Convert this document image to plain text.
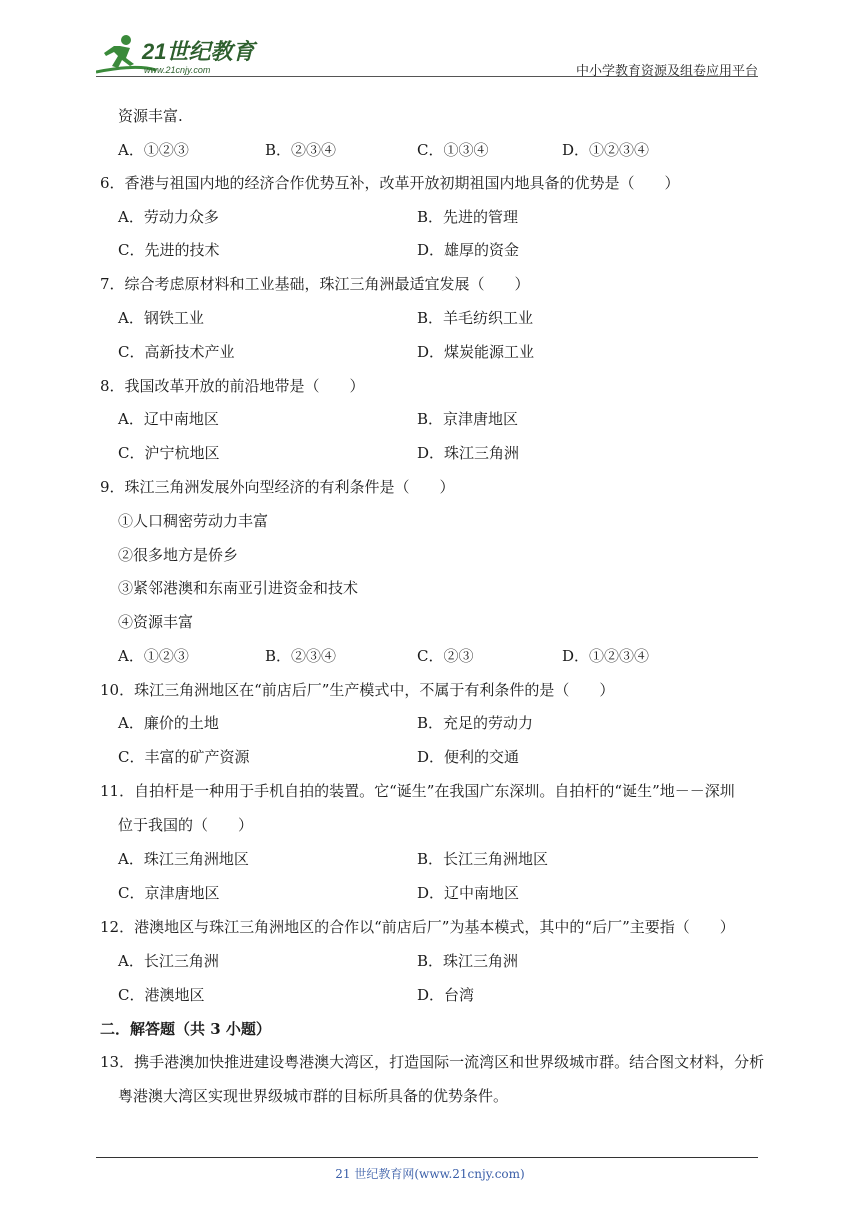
21世纪教育
www.21cnjy.com	中小学教育资源及组卷应用平台
资源丰富.
A．①②③	B．②③④	C．①③④	D．①②③④
6．香港与祖国内地的经济合作优势互补，改革开放初期祖国内地具备的优势是（　　）
A．劳动力众多	B．先进的管理
C．先进的技术	D．雄厚的资金
7．综合考虑原材料和工业基础，珠江三角洲最适宜发展（　　）
A．钢铁工业	B．羊毛纺织工业
C．高新技术产业	D．煤炭能源工业
8．我国改革开放的前沿地带是（　　）
A．辽中南地区	B．京津唐地区
C．沪宁杭地区	D．珠江三角洲
9．珠江三角洲发展外向型经济的有利条件是（　　）
①人口稠密劳动力丰富
②很多地方是侨乡
③紧邻港澳和东南亚引进资金和技术
④资源丰富
A．①②③	B．②③④	C．②③	D．①②③④
10．珠江三角洲地区在“前店后厂”生产模式中，不属于有利条件的是（　　）
A．廉价的土地	B．充足的劳动力
C．丰富的矿产资源	D．便利的交通
11．自拍杆是一种用于手机自拍的装置。它“诞生”在我国广东深圳。自拍杆的“诞生”地－－深圳
位于我国的（　　）
A．珠江三角洲地区	B．长江三角洲地区
C．京津唐地区	D．辽中南地区
12．港澳地区与珠江三角洲地区的合作以“前店后厂”为基本模式，其中的“后厂”主要指（　　）
A．长江三角洲	B．珠江三角洲
C．港澳地区	D．台湾
二．解答题（共 3 小题）
13．携手港澳加快推进建设粤港澳大湾区，打造国际一流湾区和世界级城市群。结合图文材料，分析
粤港澳大湾区实现世界级城市群的目标所具备的优势条件。
21 世纪教育网(www.21cnjy.com)
